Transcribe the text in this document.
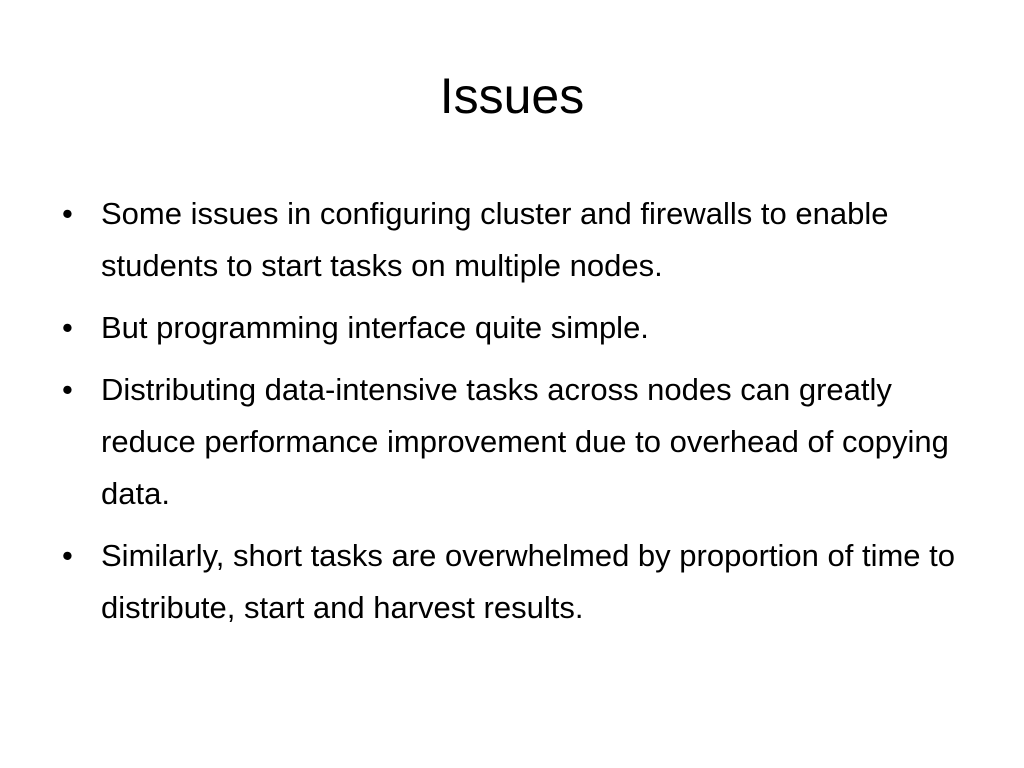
Issues
• Some issues in configuring cluster and firewalls to enable students to start tasks on multiple nodes.
• But programming interface quite simple.
• Distributing data-intensive tasks across nodes can greatly reduce performance improvement due to overhead of copying data.
• Similarly, short tasks are overwhelmed by proportion of time to distribute, start and harvest results.
